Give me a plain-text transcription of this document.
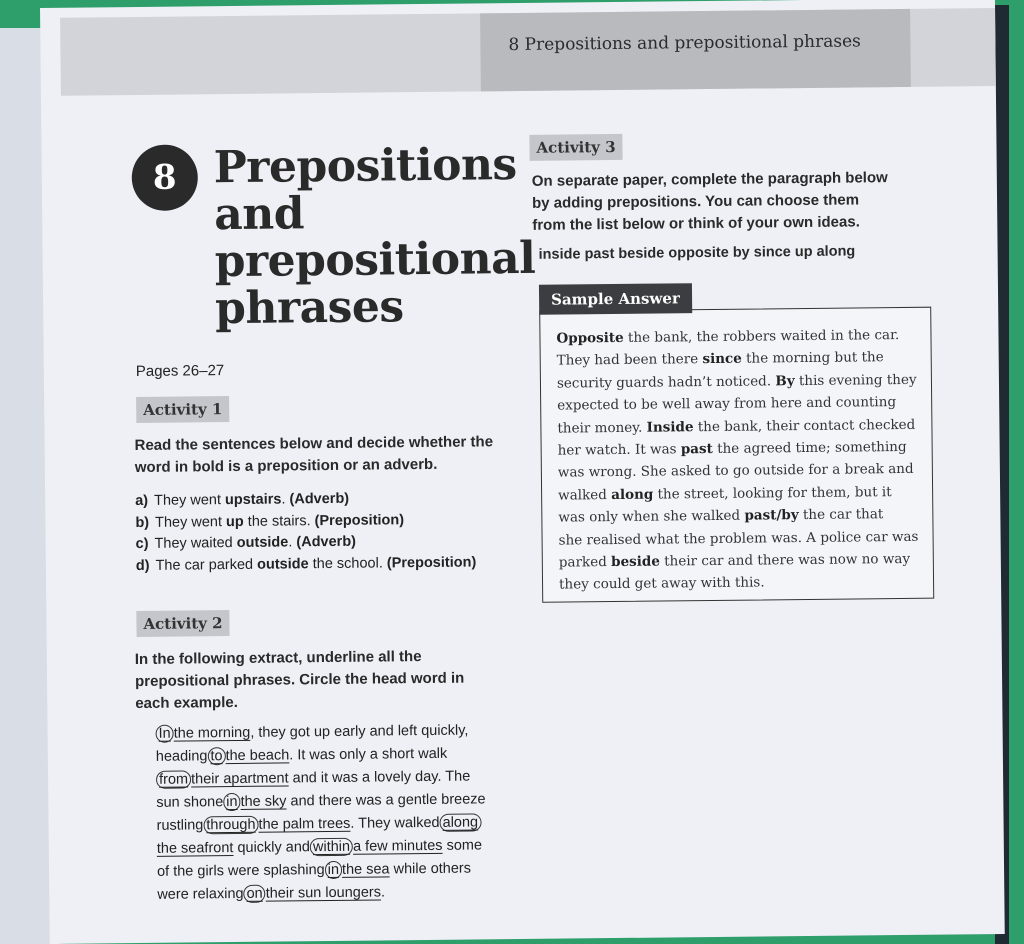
8 Prepositions and prepositional phrases
8 Prepositions
and
prepositional
phrases
Pages 26–27
Activity 1
Read the sentences below and decide whether the
word in bold is a preposition or an adverb.
a) They went upstairs. (Adverb)
b) They went up the stairs. (Preposition)
c) They waited outside. (Adverb)
d) The car parked outside the school. (Preposition)
Activity 2
In the following extract, underline all the
prepositional phrases. Circle the head word in
each example.
In the morning, they got up early and left quickly,
heading to the beach. It was only a short walk
from their apartment and it was a lovely day. The
sun shone in the sky and there was a gentle breeze
rustling through the palm trees. They walked along
the seafront quickly and within a few minutes some
of the girls were splashing in the sea while others
were relaxing on their sun loungers.
Activity 3
On separate paper, complete the paragraph below
by adding prepositions. You can choose them
from the list below or think of your own ideas.
inside past beside opposite by since up along
Opposite the bank, the robbers waited in the car.
They had been there since the morning but the
security guards hadn’t noticed. By this evening they
expected to be well away from here and counting
their money. Inside the bank, their contact checked
her watch. It was past the agreed time; something
was wrong. She asked to go outside for a break and
walked along the street, looking for them, but it
was only when she walked past/by the car that
she realised what the problem was. A police car was
parked beside their car and there was now no way
they could get away with this.
Sample Answer
